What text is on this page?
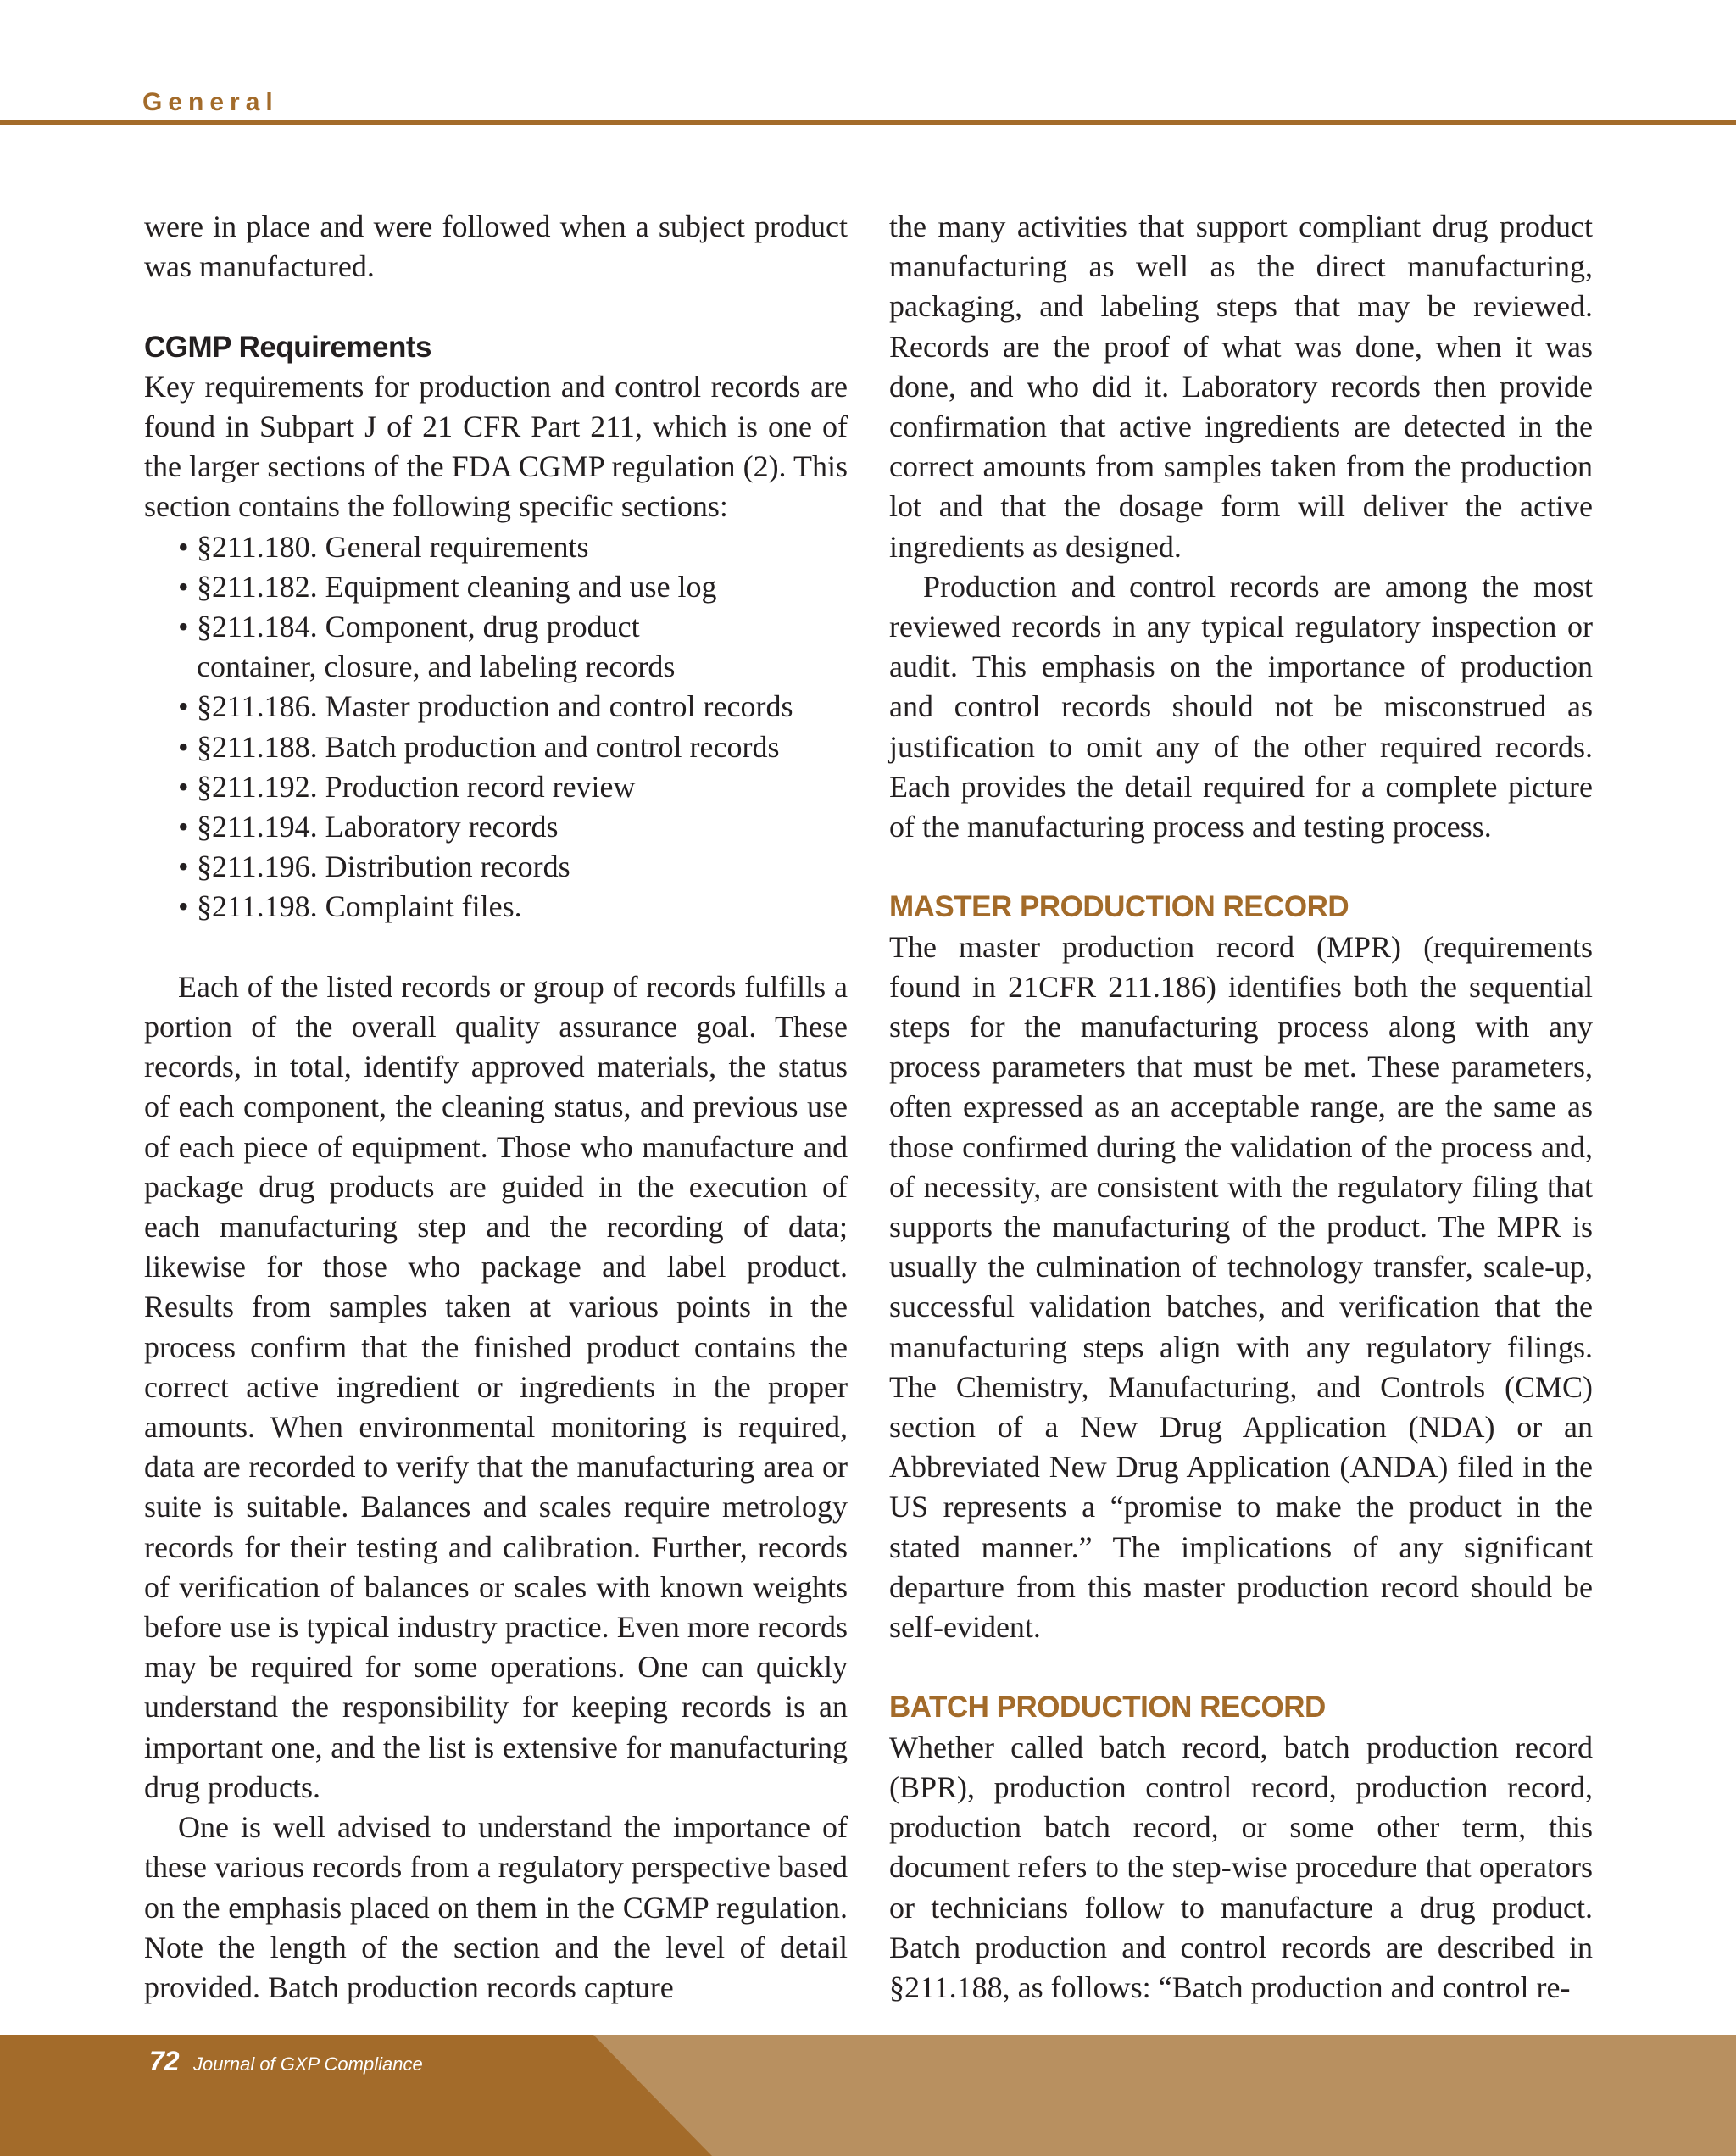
General

were in place and were followed when a subject product was manufactured.

CGMP Requirements

Key requirements for production and control records are found in Subpart J of 21 CFR Part 211, which is one of the larger sections of the FDA CGMP regulation (2). This section contains the following specific sections:

• §211.180. General requirements
• §211.182. Equipment cleaning and use log
• §211.184. Component, drug product container, closure, and labeling records
• §211.186. Master production and control records
• §211.188. Batch production and control records
• §211.192. Production record review
• §211.194. Laboratory records
• §211.196. Distribution records
• §211.198. Complaint files.

Each of the listed records or group of records fulfills a portion of the overall quality assurance goal. These records, in total, identify approved materials, the status of each component, the cleaning status, and previous use of each piece of equipment. Those who manufacture and package drug products are guided in the execution of each manufacturing step and the recording of data; likewise for those who package and label product. Results from samples taken at various points in the process confirm that the finished product contains the correct active ingredient or ingredients in the proper amounts. When environmental monitoring is required, data are recorded to verify that the manufacturing area or suite is suitable. Balances and scales require metrology records for their testing and calibration. Further, records of verification of balances or scales with known weights before use is typical industry practice. Even more records may be required for some operations. One can quickly understand the responsibility for keeping records is an important one, and the list is extensive for manufacturing drug products.

One is well advised to understand the importance of these various records from a regulatory perspective based on the emphasis placed on them in the CGMP regulation. Note the length of the section and the level of detail provided. Batch production records capture

the many activities that support compliant drug product manufacturing as well as the direct manufacturing, packaging, and labeling steps that may be reviewed. Records are the proof of what was done, when it was done, and who did it. Laboratory records then provide confirmation that active ingredients are detected in the correct amounts from samples taken from the production lot and that the dosage form will deliver the active ingredients as designed.

Production and control records are among the most reviewed records in any typical regulatory inspection or audit. This emphasis on the importance of production and control records should not be misconstrued as justification to omit any of the other required records. Each provides the detail required for a complete picture of the manufacturing process and testing process.

MASTER PRODUCTION RECORD

The master production record (MPR) (requirements found in 21CFR 211.186) identifies both the sequential steps for the manufacturing process along with any process parameters that must be met. These parameters, often expressed as an acceptable range, are the same as those confirmed during the validation of the process and, of necessity, are consistent with the regulatory filing that supports the manufacturing of the product. The MPR is usually the culmination of technology transfer, scale-up, successful validation batches, and verification that the manufacturing steps align with any regulatory filings. The Chemistry, Manufacturing, and Controls (CMC) section of a New Drug Application (NDA) or an Abbreviated New Drug Application (ANDA) filed in the US represents a “promise to make the product in the stated manner.” The implications of any significant departure from this master production record should be self-evident.

BATCH PRODUCTION RECORD

Whether called batch record, batch production record (BPR), production control record, production record, production batch record, or some other term, this document refers to the step-wise procedure that operators or technicians follow to manufacture a drug product. Batch production and control records are described in §211.188, as follows: “Batch production and control re-

72 Journal of GXP Compliance
